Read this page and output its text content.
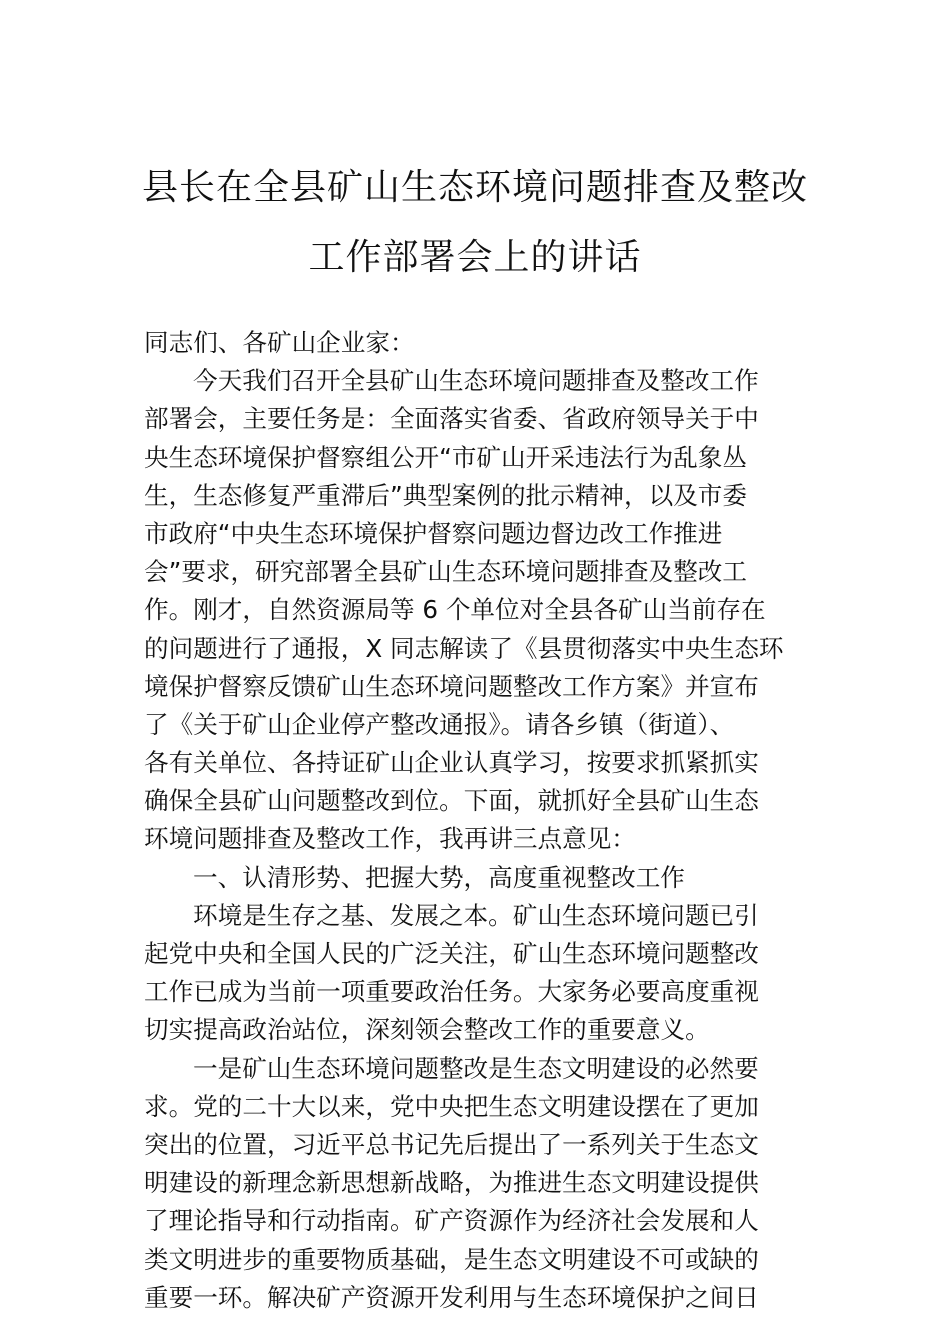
县长在全县矿山生态环境问题排查及整改
工作部署会上的讲话
同志们、各矿山企业家：
今天我们召开全县矿山生态环境问题排查及整改工作
部署会，主要任务是：全面落实省委、省政府领导关于中
央生态环境保护督察组公开“市矿山开采违法行为乱象丛
生，生态修复严重滞后”典型案例的批示精神，以及市委
市政府“中央生态环境保护督察问题边督边改工作推进
会”要求，研究部署全县矿山生态环境问题排查及整改工
作。刚才，自然资源局等 6 个单位对全县各矿山当前存在
的问题进行了通报，X 同志解读了《县贯彻落实中央生态环
境保护督察反馈矿山生态环境问题整改工作方案》并宣布
了《关于矿山企业停产整改通报》。请各乡镇（街道）、
各有关单位、各持证矿山企业认真学习，按要求抓紧抓实
确保全县矿山问题整改到位。下面，就抓好全县矿山生态
环境问题排查及整改工作，我再讲三点意见：
一、认清形势、把握大势，高度重视整改工作
环境是生存之基、发展之本。矿山生态环境问题已引
起党中央和全国人民的广泛关注，矿山生态环境问题整改
工作已成为当前一项重要政治任务。大家务必要高度重视
切实提高政治站位，深刻领会整改工作的重要意义。
一是矿山生态环境问题整改是生态文明建设的必然要
求。党的二十大以来，党中央把生态文明建设摆在了更加
突出的位置，习近平总书记先后提出了一系列关于生态文
明建设的新理念新思想新战略，为推进生态文明建设提供
了理论指导和行动指南。矿产资源作为经济社会发展和人
类文明进步的重要物质基础，是生态文明建设不可或缺的
重要一环。解决矿产资源开发利用与生态环境保护之间日
